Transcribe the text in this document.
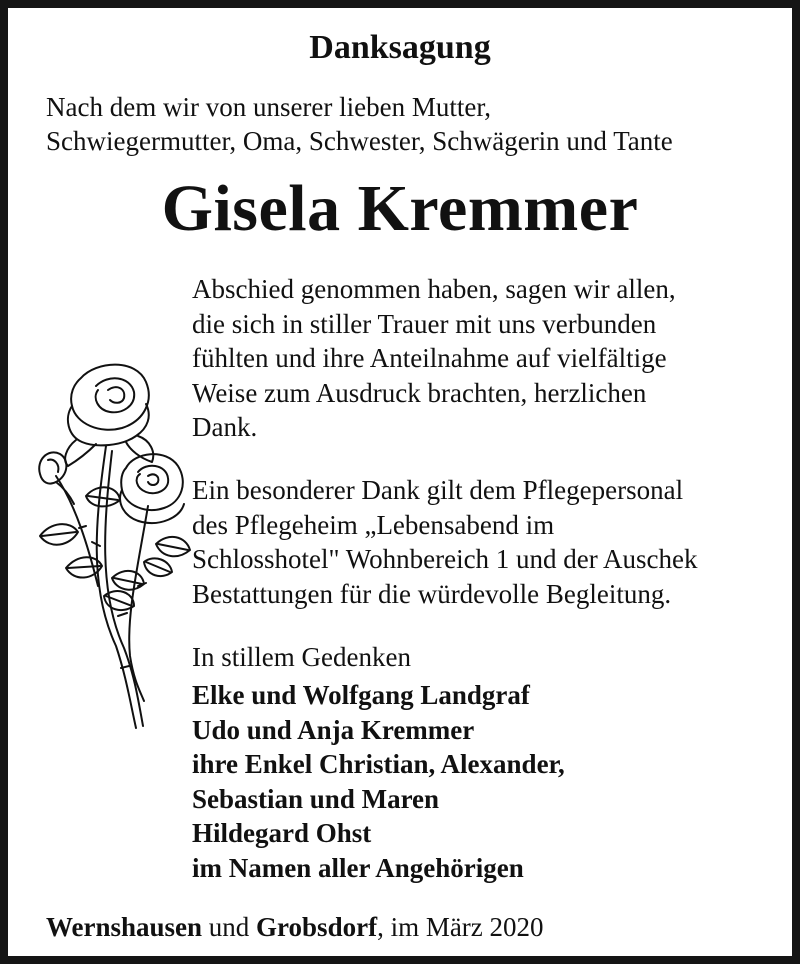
Danksagung
Nach dem wir von unserer lieben Mutter,
Schwiegermutter, Oma, Schwester, Schwägerin und Tante
Gisela Kremmer
Abschied genommen haben, sagen wir allen,
die sich in stiller Trauer mit uns verbunden
fühlten und ihre Anteilnahme auf vielfältige
Weise zum Ausdruck brachten, herzlichen
Dank.
Ein besonderer Dank gilt dem Pflegepersonal
des Pflegeheim „Lebensabend im
Schlosshotel" Wohnbereich 1 und der Auschek
Bestattungen für die würdevolle Begleitung.
In stillem Gedenken
Elke und Wolfgang Landgraf
Udo und Anja Kremmer
ihre Enkel Christian, Alexander,
Sebastian und Maren
Hildegard Ohst
im Namen aller Angehörigen
Wernshausen und Grobsdorf, im März 2020
